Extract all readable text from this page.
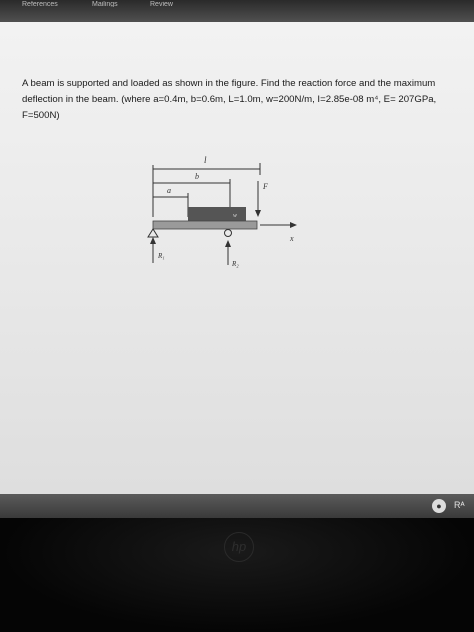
References	Mailings	Review

A beam is supported and loaded as shown in the figure. Find the reaction force and the maximum deflection in the beam. (where a=0.4m, b=0.6m, L=1.0m, w=200N/m, I=2.85e-08 m⁴, E= 207GPa, F=500N)

l
b
a	F
w
x
R₁
R₂
●	Rᴬ
hp
